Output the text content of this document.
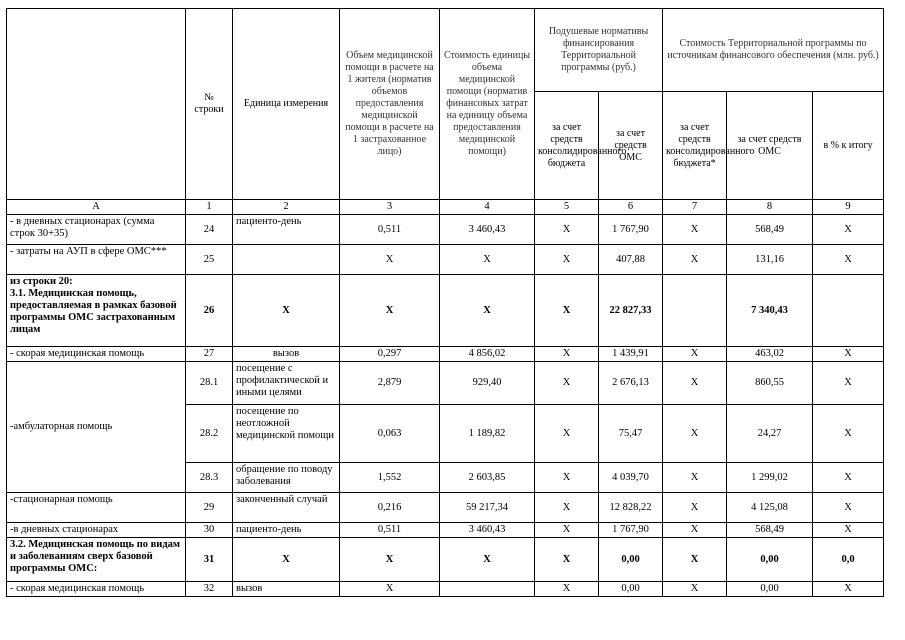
	№ строки	Единица измерения	Объем медицинской помощи в расчете на 1 жителя (норматив объемов предоставления медицинской помощи в расчете на 1 застрахованное лицо)	Стоимость единицы объема медицинской помощи (норматив финансовых затрат на единицу объема предоставления медицинской помощи)	Подушевые нормативы финансирования Территориальной программы (руб.)		Стоимость Территориальной программы по источникам финансового обеспечения (млн. руб.)		
					за счет средств консолидированного бюджета	за счет средств ОМС	за счет средств консолидированного бюджета*	за счет средств ОМС	в % к итогу
А	1	2	3	4	5	6	7	8	9
- в дневных стационарах (сумма строк 30+35)	24	пациенто-день	0,511	3 460,43	Х	1 767,90	Х	568,49	Х
- затраты на АУП в сфере ОМС***	25		Х	Х	Х	407,88	Х	131,16	Х
из строки 20:
3.1. Медицинская помощь, предоставляемая в рамках базовой программы ОМС застрахованным лицам	26	Х	Х	Х	Х	22 827,33		7 340,43	
- скорая медицинская помощь	27	вызов	0,297	4 856,02	Х	1 439,91	Х	463,02	Х
-амбулаторная помощь	28.1	посещение с профилактической и иными целями	2,879	929,40	Х	2 676,13	Х	860,55	Х
	28.2	посещение по неотложной медицинской помощи	0,063	1 189,82	Х	75,47	Х	24,27	Х
	28.3	обращение по поводу заболевания	1,552	2 603,85	Х	4 039,70	Х	1 299,02	Х
-стационарная помощь	29	законченный случай	0,216	59 217,34	Х	12 828,22	Х	4 125,08	Х
-в дневных стационарах	30	пациенто-день	0,511	3 460,43	Х	1 767,90	Х	568,49	Х
3.2. Медицинская помощь по видам и заболеваниям сверх базовой программы ОМС:	31	Х	Х	Х	Х	0,00	Х	0,00	0,0
- скорая медицинская помощь	32	вызов	Х		Х	0,00	Х	0,00	Х
